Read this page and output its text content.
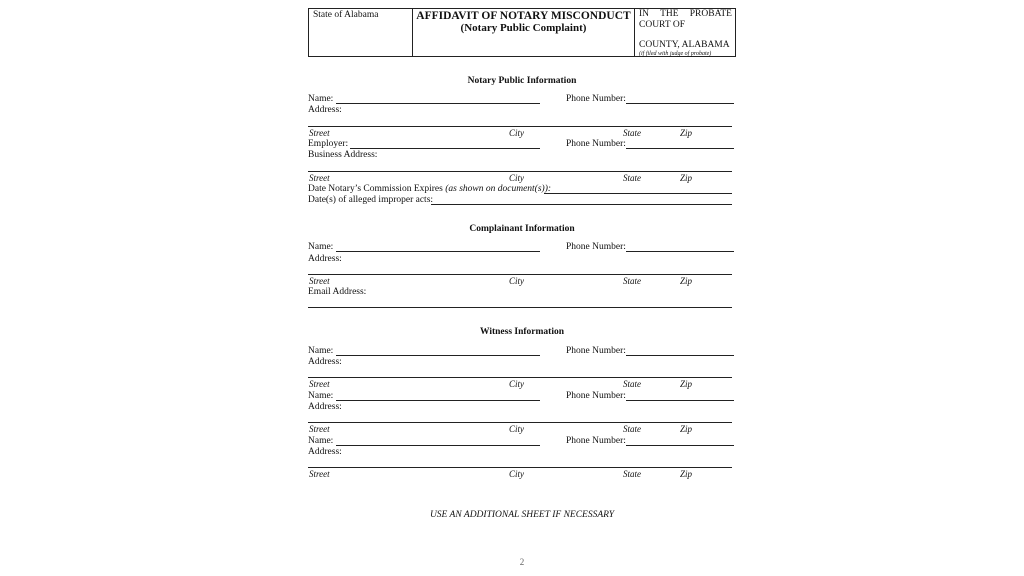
State of Alabama	AFFIDAVIT OF NOTARY MISCONDUCT
(Notary Public Complaint)
IN THE PROBATE
COURT OF
COUNTY, ALABAMA
(if filed with judge of probate)
Notary Public Information
Name:	Phone Number:
Address:
Street	City	State	Zip
Employer:	Phone Number:
Business Address:
Street	City	State	Zip
Date Notary’s Commission Expires (as shown on document(s)):
Date(s) of alleged improper acts:
Complainant Information
Name:	Phone Number:
Address:
Street	City	State	Zip
Email Address:
Witness Information
Name:	Phone Number:
Address:
Street	City	State	Zip
Name:	Phone Number:
Address:
Street	City	State	Zip
Name:	Phone Number:
Address:
Street	City	State	Zip
USE AN ADDITIONAL SHEET IF NECESSARY
2
